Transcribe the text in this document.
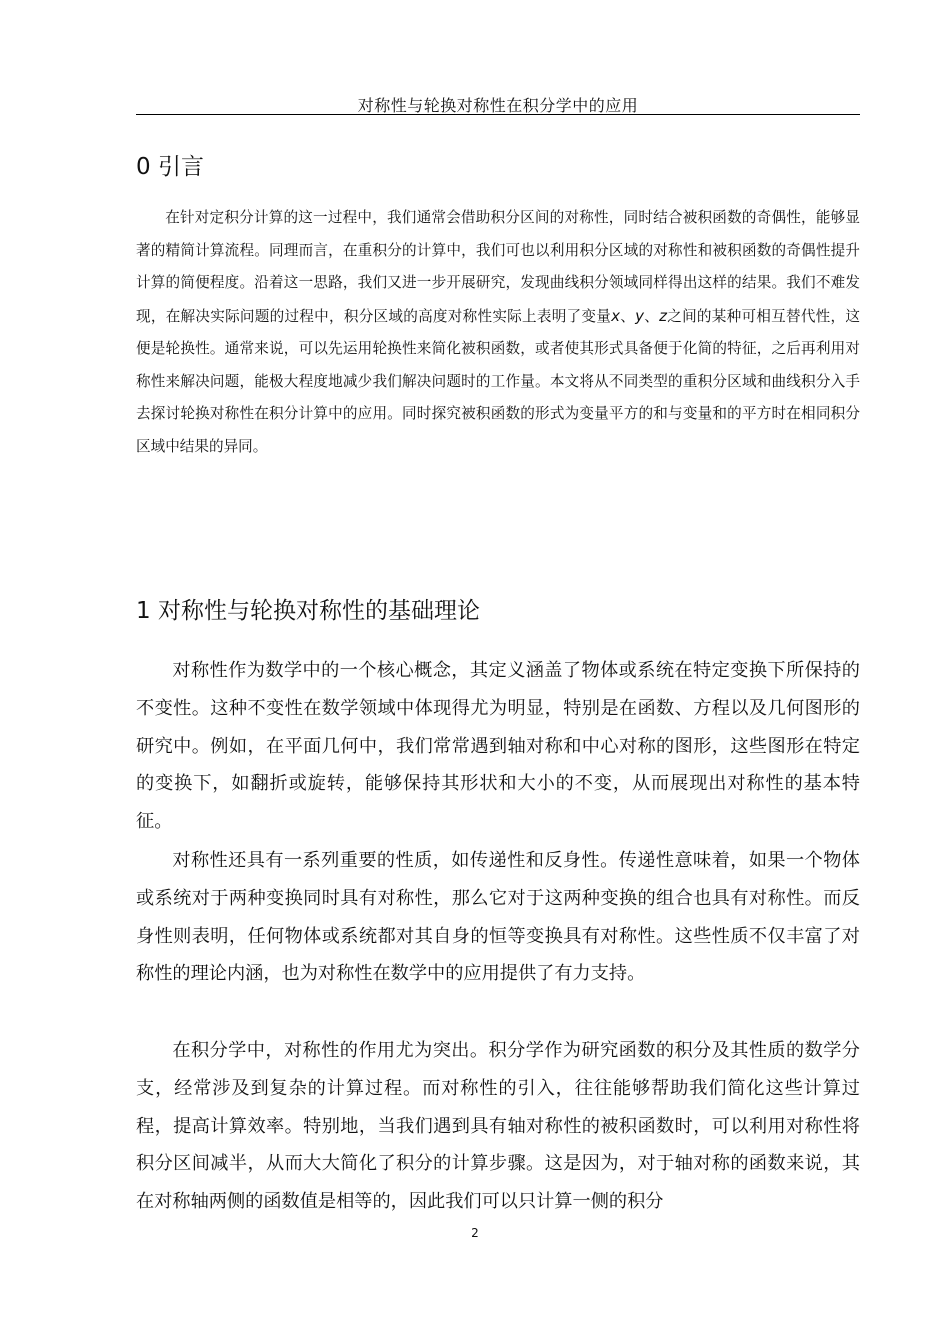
对称性与轮换对称性在积分学中的应用
0 引言

在针对定积分计算的这一过程中，我们通常会借助积分区间的对称性，同时结合被积函数的奇偶性，能够显著的精简计算流程。同理而言，在重积分的计算中，我们可也以利用积分区域的对称性和被积函数的奇偶性提升计算的简便程度。沿着这一思路，我们又进一步开展研究，发现曲线积分领域同样得出这样的结果。我们不难发现，在解决实际问题的过程中，积分区域的高度对称性实际上表明了变量x、y、z之间的某种可相互替代性，这便是轮换性。通常来说，可以先运用轮换性来简化被积函数，或者使其形式具备便于化简的特征，之后再利用对称性来解决问题，能极大程度地减少我们解决问题时的工作量。本文将从不同类型的重积分区域和曲线积分入手去探讨轮换对称性在积分计算中的应用。同时探究被积函数的形式为变量平方的和与变量和的平方时在相同积分区域中结果的异同。

1 对称性与轮换对称性的基础理论

对称性作为数学中的一个核心概念，其定义涵盖了物体或系统在特定变换下所保持的不变性。这种不变性在数学领域中体现得尤为明显，特别是在函数、方程以及几何图形的研究中。例如，在平面几何中，我们常常遇到轴对称和中心对称的图形，这些图形在特定的变换下，如翻折或旋转，能够保持其形状和大小的不变，从而展现出对称性的基本特征。

对称性还具有一系列重要的性质，如传递性和反身性。传递性意味着，如果一个物体或系统对于两种变换同时具有对称性，那么它对于这两种变换的组合也具有对称性。而反身性则表明，任何物体或系统都对其自身的恒等变换具有对称性。这些性质不仅丰富了对称性的理论内涵，也为对称性在数学中的应用提供了有力支持。

在积分学中，对称性的作用尤为突出。积分学作为研究函数的积分及其性质的数学分支，经常涉及到复杂的计算过程。而对称性的引入，往往能够帮助我们简化这些计算过程，提高计算效率。特别地，当我们遇到具有轴对称性的被积函数时，可以利用对称性将积分区间减半，从而大大简化了积分的计算步骤。这是因为，对于轴对称的函数来说，其在对称轴两侧的函数值是相等的，因此我们可以只计算一侧的积分

2
